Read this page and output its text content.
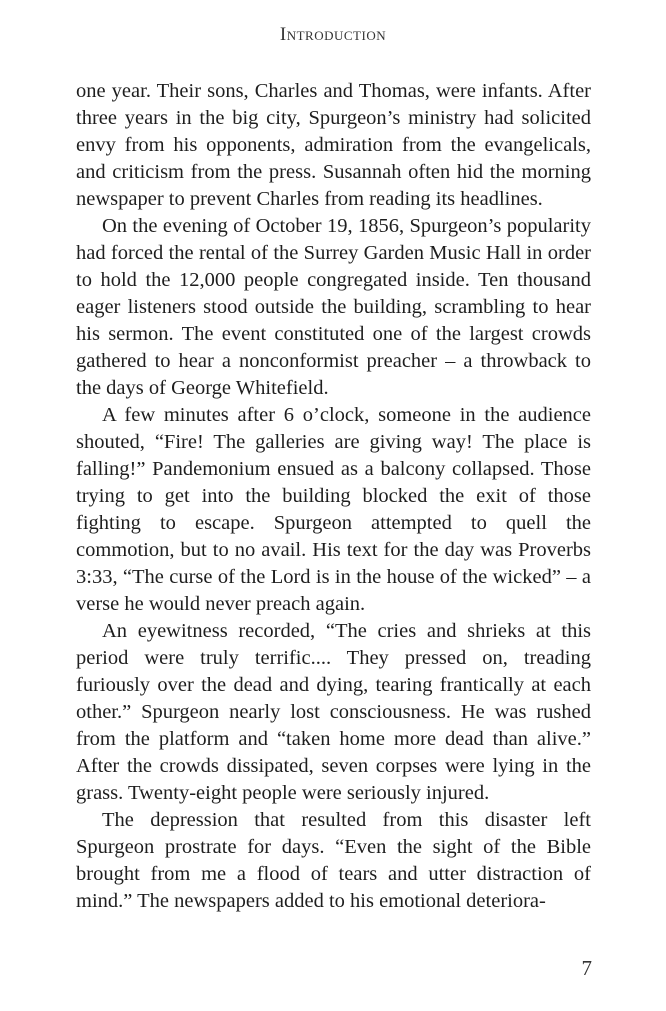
Introduction

one year. Their sons, Charles and Thomas, were infants. After three years in the big city, Spurgeon’s ministry had solicited envy from his opponents, admiration from the evangelicals, and criticism from the press. Susannah often hid the morning newspaper to prevent Charles from reading its headlines.

On the evening of October 19, 1856, Spurgeon’s popularity had forced the rental of the Surrey Garden Music Hall in order to hold the 12,000 people congregated inside. Ten thousand eager listeners stood outside the building, scrambling to hear his sermon. The event constituted one of the largest crowds gathered to hear a nonconformist preacher – a throwback to the days of George Whitefield.

A few minutes after 6 o’clock, someone in the audience shouted, “Fire! The galleries are giving way! The place is falling!” Pandemonium ensued as a balcony collapsed. Those trying to get into the building blocked the exit of those fighting to escape. Spurgeon attempted to quell the commotion, but to no avail. His text for the day was Proverbs 3:33, “The curse of the Lord is in the house of the wicked” – a verse he would never preach again.

An eyewitness recorded, “The cries and shrieks at this period were truly terrific.... They pressed on, treading furiously over the dead and dying, tearing frantically at each other.” Spurgeon nearly lost consciousness. He was rushed from the platform and “taken home more dead than alive.” After the crowds dissipated, seven corpses were lying in the grass. Twenty-eight people were seriously injured.

The depression that resulted from this disaster left Spurgeon prostrate for days. “Even the sight of the Bible brought from me a flood of tears and utter distraction of mind.” The newspapers added to his emotional deteriora-

7
